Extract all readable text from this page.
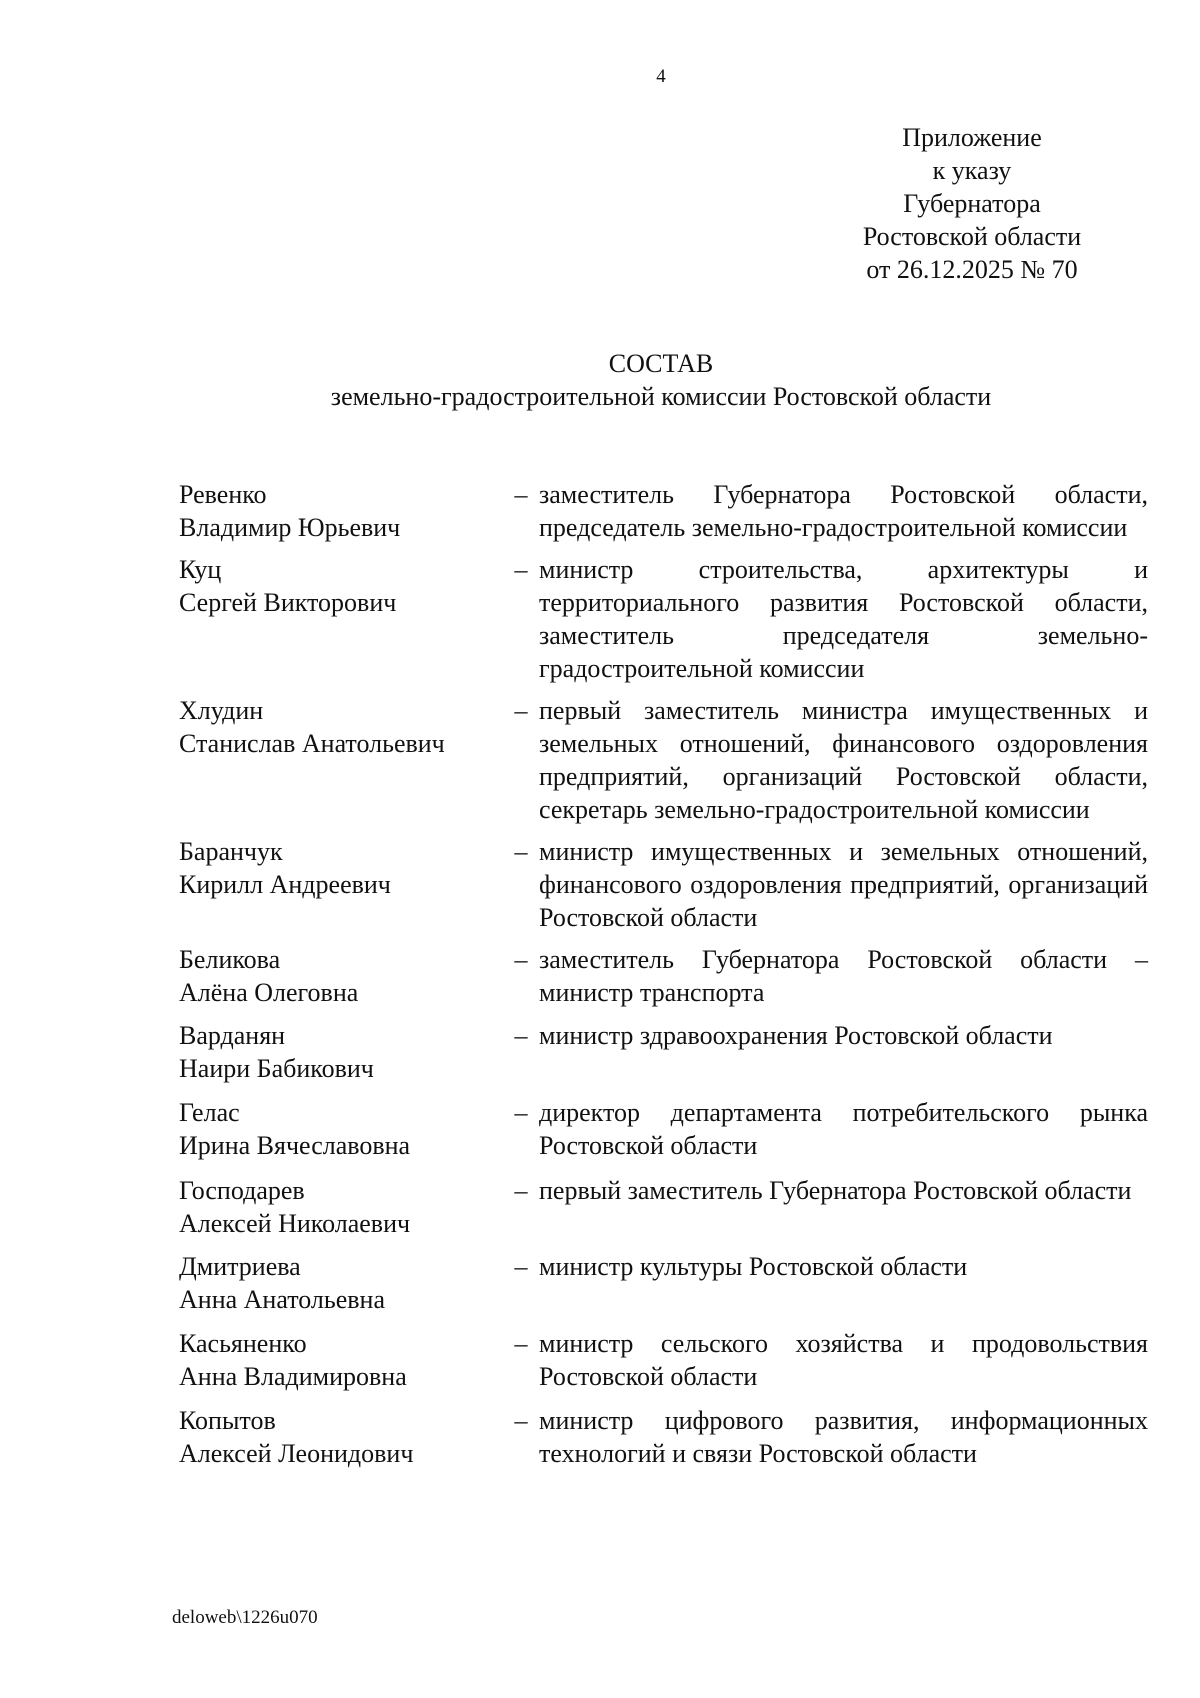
4
Приложение
к указу
Губернатора
Ростовской области
от 26.12.2025 № 70
СОСТАВ
земельно-градостроительной комиссии Ростовской области
Ревенко
Владимир Юрьевич
– заместитель Губернатора Ростовской области, председатель земельно-градостроительной комиссии
Куц
Сергей Викторович
– министр строительства, архитектуры и территориального развития Ростовской области, заместитель председателя земельно-градостроительной комиссии
Хлудин
Станислав Анатольевич
– первый заместитель министра имущественных и земельных отношений, финансового оздоровления предприятий, организаций Ростовской области, секретарь земельно-градостроительной комиссии
Баранчук
Кирилл Андреевич
– министр имущественных и земельных отношений, финансового оздоровления предприятий, организаций Ростовской области
Беликова
Алёна Олеговна
– заместитель Губернатора Ростовской области – министр транспорта
Варданян
Наири Бабикович
– министр здравоохранения Ростовской области
Гелас
Ирина Вячеславовна
– директор департамента потребительского рынка Ростовской области
Господарев
Алексей Николаевич
– первый заместитель Губернатора Ростовской области
Дмитриева
Анна Анатольевна
– министр культуры Ростовской области
Касьяненко
Анна Владимировна
– министр сельского хозяйства и продовольствия Ростовской области
Копытов
Алексей Леонидович
– министр цифрового развития, информационных технологий и связи Ростовской области
deloweb\1226u070
